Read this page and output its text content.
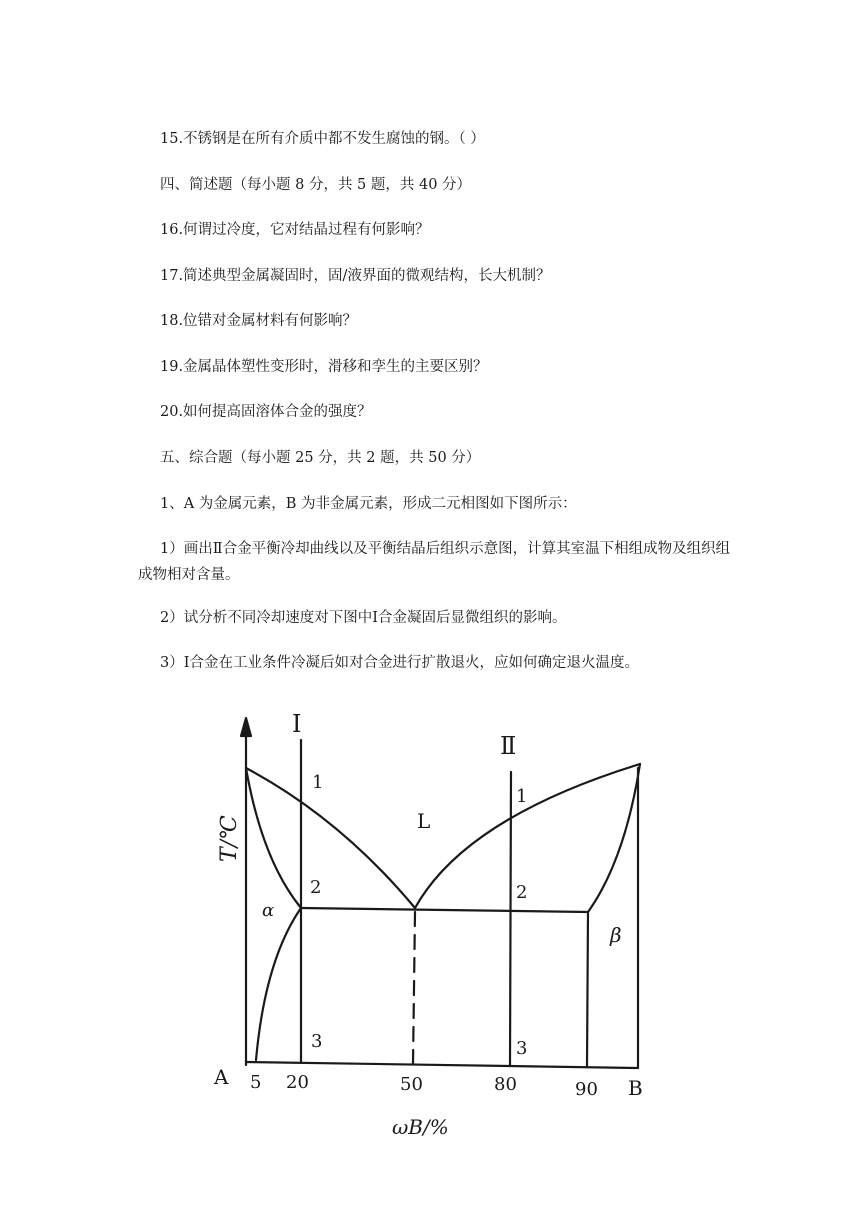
15.不锈钢是在所有介质中都不发生腐蚀的钢。（ ）
四、简述题（每小题 8 分，共 5 题，共 40 分）
16.何谓过冷度，它对结晶过程有何影响？
17.简述典型金属凝固时，固/液界面的微观结构，长大机制？
18.位错对金属材料有何影响？
19.金属晶体塑性变形时，滑移和孪生的主要区别？
20.如何提高固溶体合金的强度？
五、综合题（每小题 25 分，共 2 题，共 50 分）
1、A 为金属元素，B 为非金属元素，形成二元相图如下图所示：
1）画出Ⅱ合金平衡冷却曲线以及平衡结晶后组织示意图，计算其室温下相组成物及组织组成物相对含量。
2）试分析不同冷却速度对下图中Ⅰ合金凝固后显微组织的影响。
3）Ⅰ合金在工业条件冷凝后如对合金进行扩散退火，应如何确定退火温度。
Ⅰ
Ⅱ
1
2
3
1
2
3
L
α
β
T/℃
A	B
5 20	50	80	90
ωB/%
